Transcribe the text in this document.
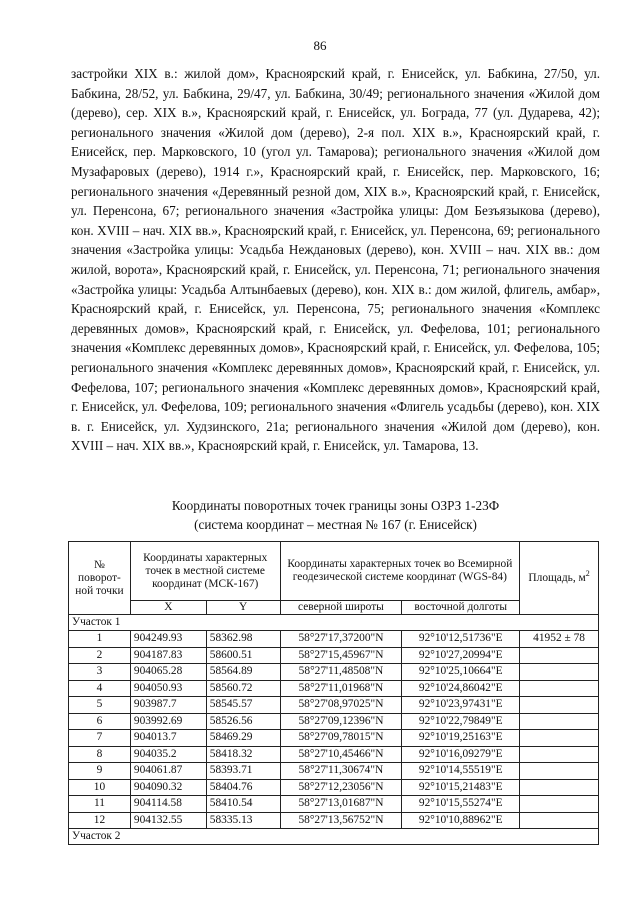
86
застройки XIX в.: жилой дом», Красноярский край, г. Енисейск, ул. Бабкина, 27/50, ул. Бабкина, 28/52, ул. Бабкина, 29/47, ул. Бабкина, 30/49; регионального значения «Жилой дом (дерево), сер. XIX в.», Красноярский край, г. Енисейск, ул. Бограда, 77 (ул. Дударева, 42); регионального значения «Жилой дом (дерево), 2-я пол. XIX в.», Красноярский край, г. Енисейск, пер. Марковского, 10 (угол ул. Тамарова); регионального значения «Жилой дом Музафаровых (дерево), 1914 г.», Красноярский край, г. Енисейск, пер. Марковского, 16; регионального значения «Деревянный резной дом, XIX в.», Красноярский край, г. Енисейск, ул. Перенсона, 67; регионального значения «Застройка улицы: Дом Безъязыкова (дерево), кон. XVIII – нач. XIX вв.», Красноярский край, г. Енисейск, ул. Перенсона, 69; регионального значения «Застройка улицы: Усадьба Неждановых (дерево), кон. XVIII – нач. XIX вв.: дом жилой, ворота», Красноярский край, г. Енисейск, ул. Перенсона, 71; регионального значения «Застройка улицы: Усадьба Алтынбаевых (дерево), кон. XIX в.: дом жилой, флигель, амбар», Красноярский край, г. Енисейск, ул. Перенсона, 75; регионального значения «Комплекс деревянных домов», Красноярский край, г. Енисейск, ул. Фефелова, 101; регионального значения «Комплекс деревянных домов», Красноярский край, г. Енисейск, ул. Фефелова, 105; регионального значения «Комплекс деревянных домов», Красноярский край, г. Енисейск, ул. Фефелова, 107; регионального значения «Комплекс деревянных домов», Красноярский край, г. Енисейск, ул. Фефелова, 109; регионального значения «Флигель усадьбы (дерево), кон. XIX в. г. Енисейск, ул. Худзинского, 21а; регионального значения «Жилой дом (дерево), кон. XVIII – нач. XIX вв.», Красноярский край, г. Енисейск, ул. Тамарова, 13.
Координаты поворотных точек границы зоны ОЗРЗ 1-23Ф
(система координат – местная № 167 (г. Енисейск)
№ поворот-ной точки	Координаты характерных точек в местной системе координат (МСК-167)		Координаты характерных точек во Всемирной геодезической системе координат (WGS-84)		Площадь, $м^2$
	X	Y	северной широты	восточной долготы	
Участок 1					
1	904249.93	58362.98	58°27'17,37200"N	92°10'12,51736"E	41952 ± 78
2	904187.83	58600.51	58°27'15,45967"N	92°10'27,20994"E	
3	904065.28	58564.89	58°27'11,48508"N	92°10'25,10664"E	
4	904050.93	58560.72	58°27'11,01968"N	92°10'24,86042"E	
5	903987.7	58545.57	58°27'08,97025"N	92°10'23,97431"E	
6	903992.69	58526.56	58°27'09,12396"N	92°10'22,79849"E	
7	904013.7	58469.29	58°27'09,78015"N	92°10'19,25163"E	
8	904035.2	58418.32	58°27'10,45466"N	92°10'16,09279"E	
9	904061.87	58393.71	58°27'11,30674"N	92°10'14,55519"E	
10	904090.32	58404.76	58°27'12,23056"N	92°10'15,21483"E	
11	904114.58	58410.54	58°27'13,01687"N	92°10'15,55274"E	
12	904132.55	58335.13	58°27'13,56752"N	92°10'10,88962"E	
Участок 2					
